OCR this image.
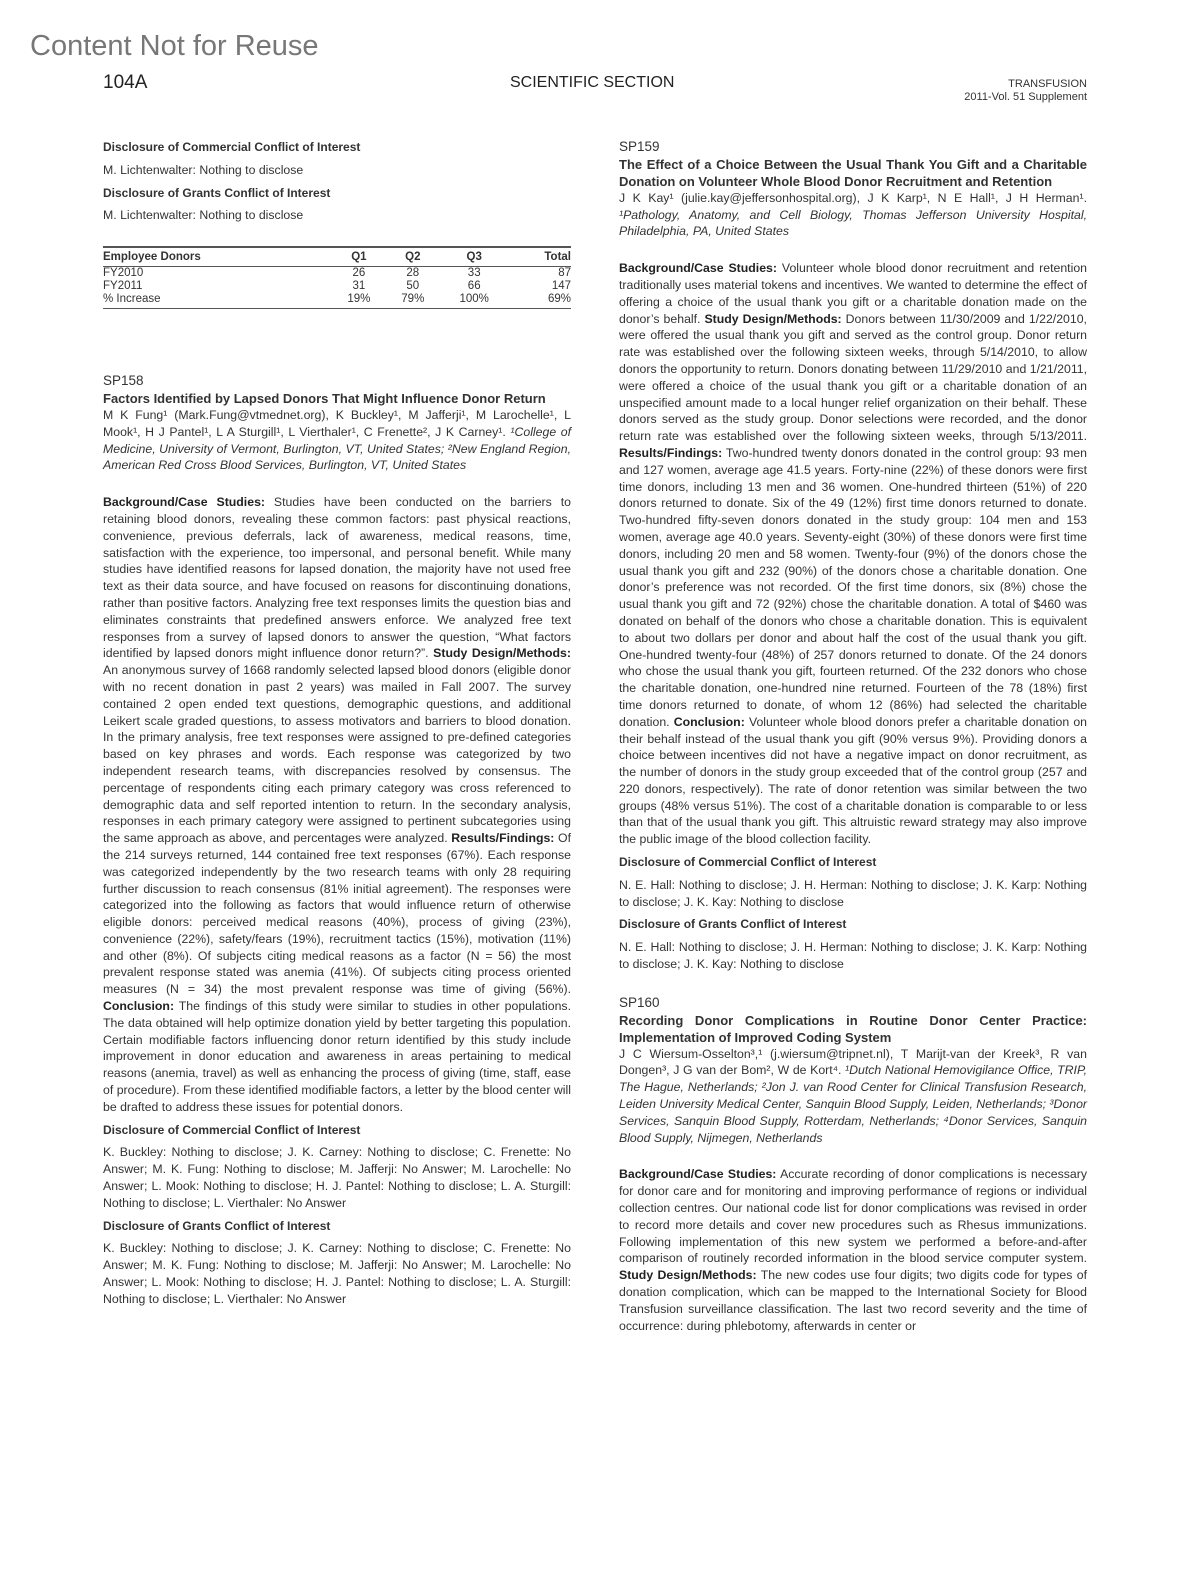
Content Not for Reuse
104A	SCIENTIFIC SECTION	TRANSFUSION
2011-Vol. 51 Supplement

Disclosure of Commercial Conflict of Interest

M. Lichtenwalter: Nothing to disclose

Disclosure of Grants Conflict of Interest

M. Lichtenwalter: Nothing to disclose

Employee Donors	Q1	Q2	Q3	Total
FY2010	26	28	33	87
FY2011	31	50	66	147
% Increase	19%	79%	100%	69%

SP158

Factors Identified by Lapsed Donors That Might Influence Donor Return

M K Fung¹ (Mark.Fung@vtmednet.org), K Buckley¹, M Jafferji¹, M Larochelle¹, L Mook¹, H J Pantel¹, L A Sturgill¹, L Vierthaler¹, C Frenette², J K Carney¹. ¹College of Medicine, University of Vermont, Burlington, VT, United States; ²New England Region, American Red Cross Blood Services, Burlington, VT, United States

Background/Case Studies: Studies have been conducted on the barriers to retaining blood donors, revealing these common factors: past physical reactions, convenience, previous deferrals, lack of awareness, medical reasons, time, satisfaction with the experience, too impersonal, and personal benefit. While many studies have identified reasons for lapsed donation, the majority have not used free text as their data source, and have focused on reasons for discontinuing donations, rather than positive factors. Analyzing free text responses limits the question bias and eliminates constraints that predefined answers enforce. We analyzed free text responses from a survey of lapsed donors to answer the question, “What factors identified by lapsed donors might influence donor return?”. Study Design/Methods: An anonymous survey of 1668 randomly selected lapsed blood donors (eligible donor with no recent donation in past 2 years) was mailed in Fall 2007. The survey contained 2 open ended text questions, demographic questions, and additional Leikert scale graded questions, to assess motivators and barriers to blood donation. In the primary analysis, free text responses were assigned to pre-defined categories based on key phrases and words. Each response was categorized by two independent research teams, with discrepancies resolved by consensus. The percentage of respondents citing each primary category was cross referenced to demographic data and self reported intention to return. In the secondary analysis, responses in each primary category were assigned to pertinent subcategories using the same approach as above, and percentages were analyzed. Results/Findings: Of the 214 surveys returned, 144 contained free text responses (67%). Each response was categorized independently by the two research teams with only 28 requiring further discussion to reach consensus (81% initial agreement). The responses were categorized into the following as factors that would influence return of otherwise eligible donors: perceived medical reasons (40%), process of giving (23%), convenience (22%), safety/fears (19%), recruitment tactics (15%), motivation (11%) and other (8%). Of subjects citing medical reasons as a factor (N = 56) the most prevalent response stated was anemia (41%). Of subjects citing process oriented measures (N = 34) the most prevalent response was time of giving (56%). Conclusion: The findings of this study were similar to studies in other populations. The data obtained will help optimize donation yield by better targeting this population. Certain modifiable factors influencing donor return identified by this study include improvement in donor education and awareness in areas pertaining to medical reasons (anemia, travel) as well as enhancing the process of giving (time, staff, ease of procedure). From these identified modifiable factors, a letter by the blood center will be drafted to address these issues for potential donors.

Disclosure of Commercial Conflict of Interest

K. Buckley: Nothing to disclose; J. K. Carney: Nothing to disclose; C. Frenette: No Answer; M. K. Fung: Nothing to disclose; M. Jafferji: No Answer; M. Larochelle: No Answer; L. Mook: Nothing to disclose; H. J. Pantel: Nothing to disclose; L. A. Sturgill: Nothing to disclose; L. Vierthaler: No Answer

Disclosure of Grants Conflict of Interest

K. Buckley: Nothing to disclose; J. K. Carney: Nothing to disclose; C. Frenette: No Answer; M. K. Fung: Nothing to disclose; M. Jafferji: No Answer; M. Larochelle: No Answer; L. Mook: Nothing to disclose; H. J. Pantel: Nothing to disclose; L. A. Sturgill: Nothing to disclose; L. Vierthaler: No Answer

SP159

The Effect of a Choice Between the Usual Thank You Gift and a Charitable Donation on Volunteer Whole Blood Donor Recruitment and Retention

J K Kay¹ (julie.kay@jeffersonhospital.org), J K Karp¹, N E Hall¹, J H Herman¹. ¹Pathology, Anatomy, and Cell Biology, Thomas Jefferson University Hospital, Philadelphia, PA, United States

Background/Case Studies: Volunteer whole blood donor recruitment and retention traditionally uses material tokens and incentives. We wanted to determine the effect of offering a choice of the usual thank you gift or a charitable donation made on the donor’s behalf. Study Design/Methods: Donors between 11/30/2009 and 1/22/2010, were offered the usual thank you gift and served as the control group. Donor return rate was established over the following sixteen weeks, through 5/14/2010, to allow donors the opportunity to return. Donors donating between 11/29/2010 and 1/21/2011, were offered a choice of the usual thank you gift or a charitable donation of an unspecified amount made to a local hunger relief organization on their behalf. These donors served as the study group. Donor selections were recorded, and the donor return rate was established over the following sixteen weeks, through 5/13/2011. Results/Findings: Two-hundred twenty donors donated in the control group: 93 men and 127 women, average age 41.5 years. Forty-nine (22%) of these donors were first time donors, including 13 men and 36 women. One-hundred thirteen (51%) of 220 donors returned to donate. Six of the 49 (12%) first time donors returned to donate. Two-hundred fifty-seven donors donated in the study group: 104 men and 153 women, average age 40.0 years. Seventy-eight (30%) of these donors were first time donors, including 20 men and 58 women. Twenty-four (9%) of the donors chose the usual thank you gift and 232 (90%) of the donors chose a charitable donation. One donor’s preference was not recorded. Of the first time donors, six (8%) chose the usual thank you gift and 72 (92%) chose the charitable donation. A total of $460 was donated on behalf of the donors who chose a charitable donation. This is equivalent to about two dollars per donor and about half the cost of the usual thank you gift. One-hundred twenty-four (48%) of 257 donors returned to donate. Of the 24 donors who chose the usual thank you gift, fourteen returned. Of the 232 donors who chose the charitable donation, one-hundred nine returned. Fourteen of the 78 (18%) first time donors returned to donate, of whom 12 (86%) had selected the charitable donation. Conclusion: Volunteer whole blood donors prefer a charitable donation on their behalf instead of the usual thank you gift (90% versus 9%). Providing donors a choice between incentives did not have a negative impact on donor recruitment, as the number of donors in the study group exceeded that of the control group (257 and 220 donors, respectively). The rate of donor retention was similar between the two groups (48% versus 51%). The cost of a charitable donation is comparable to or less than that of the usual thank you gift. This altruistic reward strategy may also improve the public image of the blood collection facility.

Disclosure of Commercial Conflict of Interest

N. E. Hall: Nothing to disclose; J. H. Herman: Nothing to disclose; J. K. Karp: Nothing to disclose; J. K. Kay: Nothing to disclose

Disclosure of Grants Conflict of Interest

N. E. Hall: Nothing to disclose; J. H. Herman: Nothing to disclose; J. K. Karp: Nothing to disclose; J. K. Kay: Nothing to disclose

SP160

Recording Donor Complications in Routine Donor Center Practice: Implementation of Improved Coding System

J C Wiersum-Osselton³,¹ (j.wiersum@tripnet.nl), T Marijt-van der Kreek³, R van Dongen³, J G van der Bom², W de Kort⁴. ¹Dutch National Hemovigilance Office, TRIP, The Hague, Netherlands; ²Jon J. van Rood Center for Clinical Transfusion Research, Leiden University Medical Center, Sanquin Blood Supply, Leiden, Netherlands; ³Donor Services, Sanquin Blood Supply, Rotterdam, Netherlands; ⁴Donor Services, Sanquin Blood Supply, Nijmegen, Netherlands

Background/Case Studies: Accurate recording of donor complications is necessary for donor care and for monitoring and improving performance of regions or individual collection centres. Our national code list for donor complications was revised in order to record more details and cover new procedures such as Rhesus immunizations. Following implementation of this new system we performed a before-and-after comparison of routinely recorded information in the blood service computer system. Study Design/Methods: The new codes use four digits; two digits code for types of donation complication, which can be mapped to the International Society for Blood Transfusion surveillance classification. The last two record severity and the time of occurrence: during phlebotomy, afterwards in center or
